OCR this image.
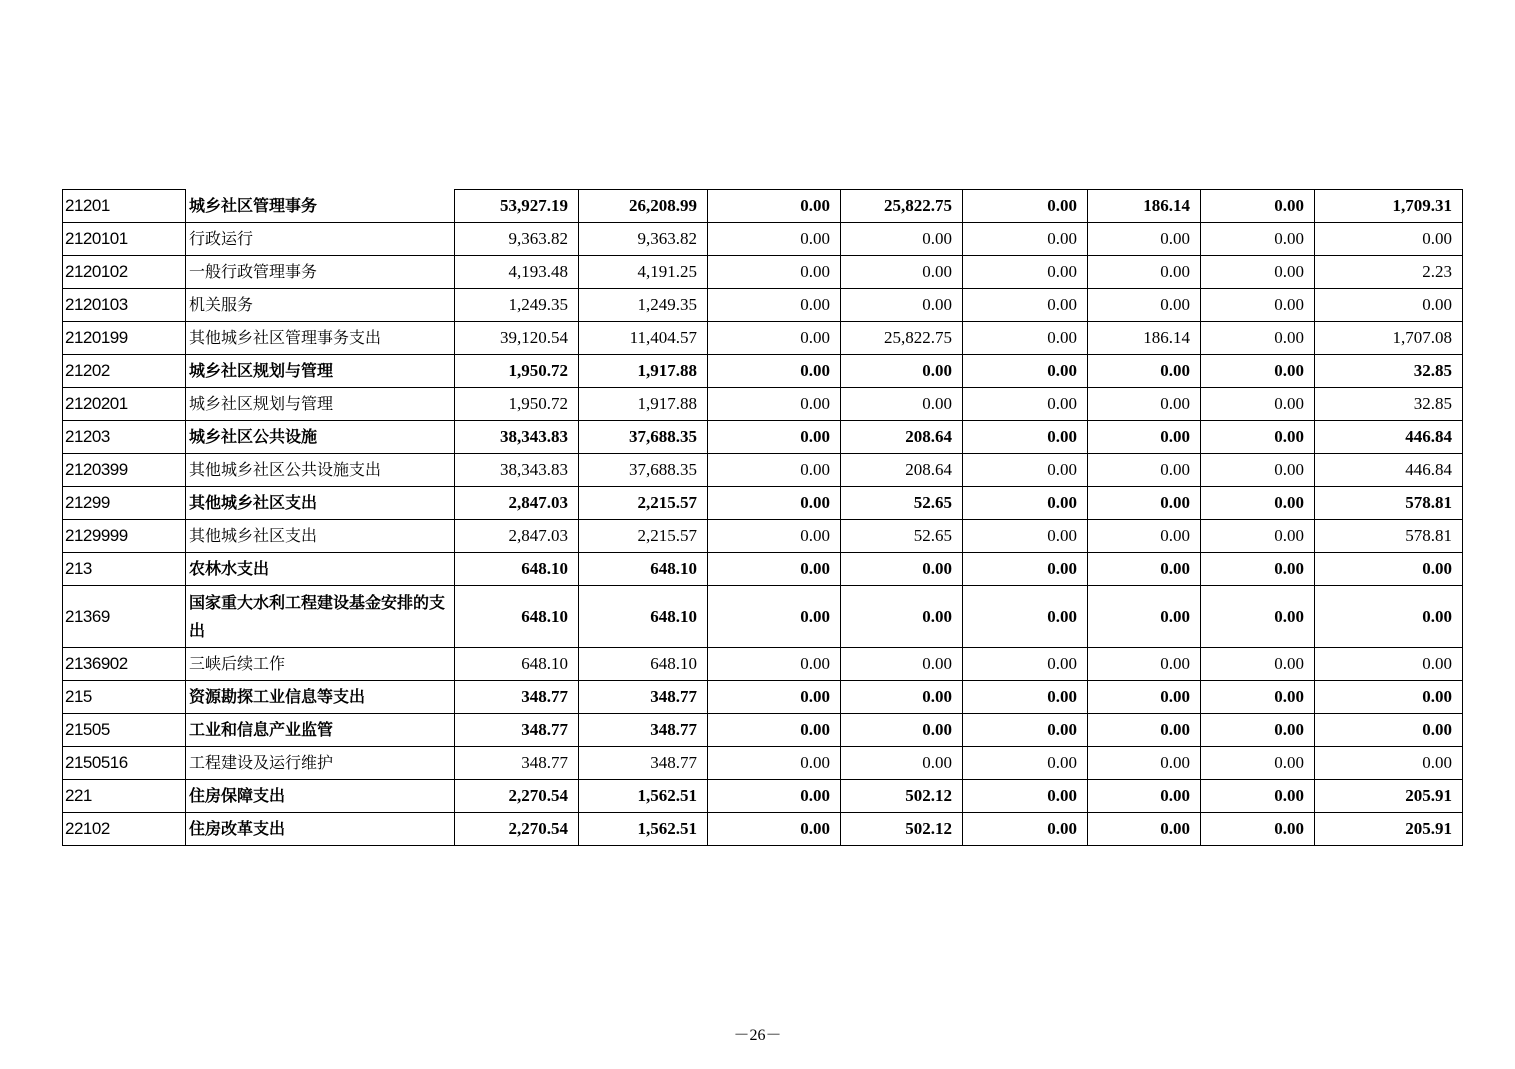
21201	城乡社区管理事务	53,927.19	26,208.99	0.00	25,822.75	0.00	186.14	0.00	1,709.31
2120101	行政运行	9,363.82	9,363.82	0.00	0.00	0.00	0.00	0.00	0.00
2120102	一般行政管理事务	4,193.48	4,191.25	0.00	0.00	0.00	0.00	0.00	2.23
2120103	机关服务	1,249.35	1,249.35	0.00	0.00	0.00	0.00	0.00	0.00
2120199	其他城乡社区管理事务支出	39,120.54	11,404.57	0.00	25,822.75	0.00	186.14	0.00	1,707.08
21202	城乡社区规划与管理	1,950.72	1,917.88	0.00	0.00	0.00	0.00	0.00	32.85
2120201	城乡社区规划与管理	1,950.72	1,917.88	0.00	0.00	0.00	0.00	0.00	32.85
21203	城乡社区公共设施	38,343.83	37,688.35	0.00	208.64	0.00	0.00	0.00	446.84
2120399	其他城乡社区公共设施支出	38,343.83	37,688.35	0.00	208.64	0.00	0.00	0.00	446.84
21299	其他城乡社区支出	2,847.03	2,215.57	0.00	52.65	0.00	0.00	0.00	578.81
2129999	其他城乡社区支出	2,847.03	2,215.57	0.00	52.65	0.00	0.00	0.00	578.81
213	农林水支出	648.10	648.10	0.00	0.00	0.00	0.00	0.00	0.00
21369	国家重大水利工程建设基金安排的支出	648.10	648.10	0.00	0.00	0.00	0.00	0.00	0.00
2136902	三峡后续工作	648.10	648.10	0.00	0.00	0.00	0.00	0.00	0.00
215	资源勘探工业信息等支出	348.77	348.77	0.00	0.00	0.00	0.00	0.00	0.00
21505	工业和信息产业监管	348.77	348.77	0.00	0.00	0.00	0.00	0.00	0.00
2150516	工程建设及运行维护	348.77	348.77	0.00	0.00	0.00	0.00	0.00	0.00
221	住房保障支出	2,270.54	1,562.51	0.00	502.12	0.00	0.00	0.00	205.91
22102	住房改革支出	2,270.54	1,562.51	0.00	502.12	0.00	0.00	0.00	205.91
－26－
